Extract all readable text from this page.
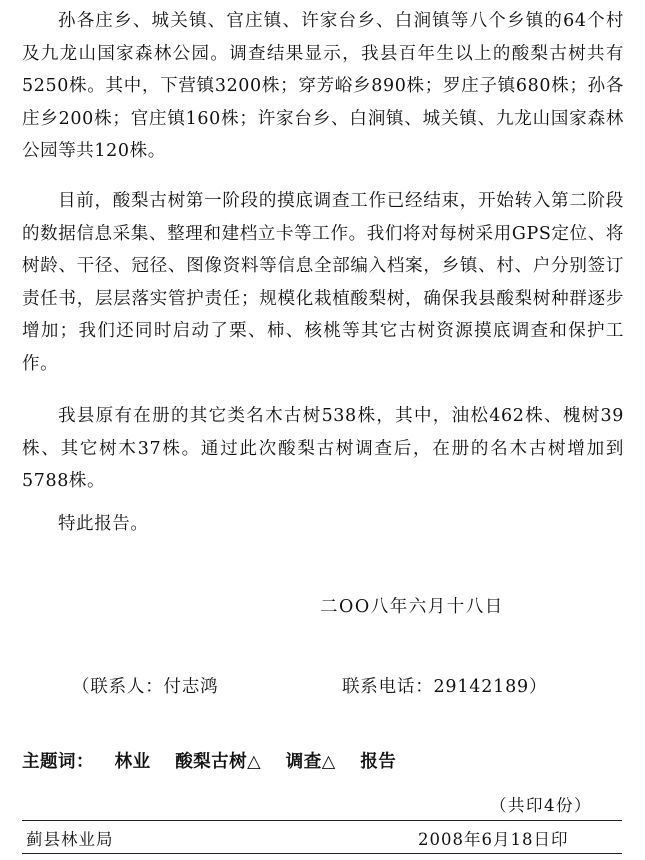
孙各庄乡、城关镇、官庄镇、许家台乡、白涧镇等八个乡镇的64个村及九龙山国家森林公园。调查结果显示，我县百年生以上的酸梨古树共有5250株。其中，下营镇3200株；穿芳峪乡890株；罗庄子镇680株；孙各庄乡200株；官庄镇160株；许家台乡、白涧镇、城关镇、九龙山国家森林公园等共120株。

目前，酸梨古树第一阶段的摸底调查工作已经结束，开始转入第二阶段的数据信息采集、整理和建档立卡等工作。我们将对每树采用GPS定位、将树龄、干径、冠径、图像资料等信息全部编入档案，乡镇、村、户分别签订责任书，层层落实管护责任；规模化栽植酸梨树，确保我县酸梨树种群逐步增加；我们还同时启动了栗、柿、核桃等其它古树资源摸底调查和保护工作。

我县原有在册的其它类名木古树538株，其中，油松462株、槐树39株、其它树木37株。通过此次酸梨古树调查后，在册的名木古树增加到5788株。

特此报告。

二OO八年六月十八日
（联系人：付志鸿	联系电话：29142189）
主题词： 林业 酸梨古树△ 调查△ 报告
（共印4份）
蓟县林业局	2008年6月18日印
